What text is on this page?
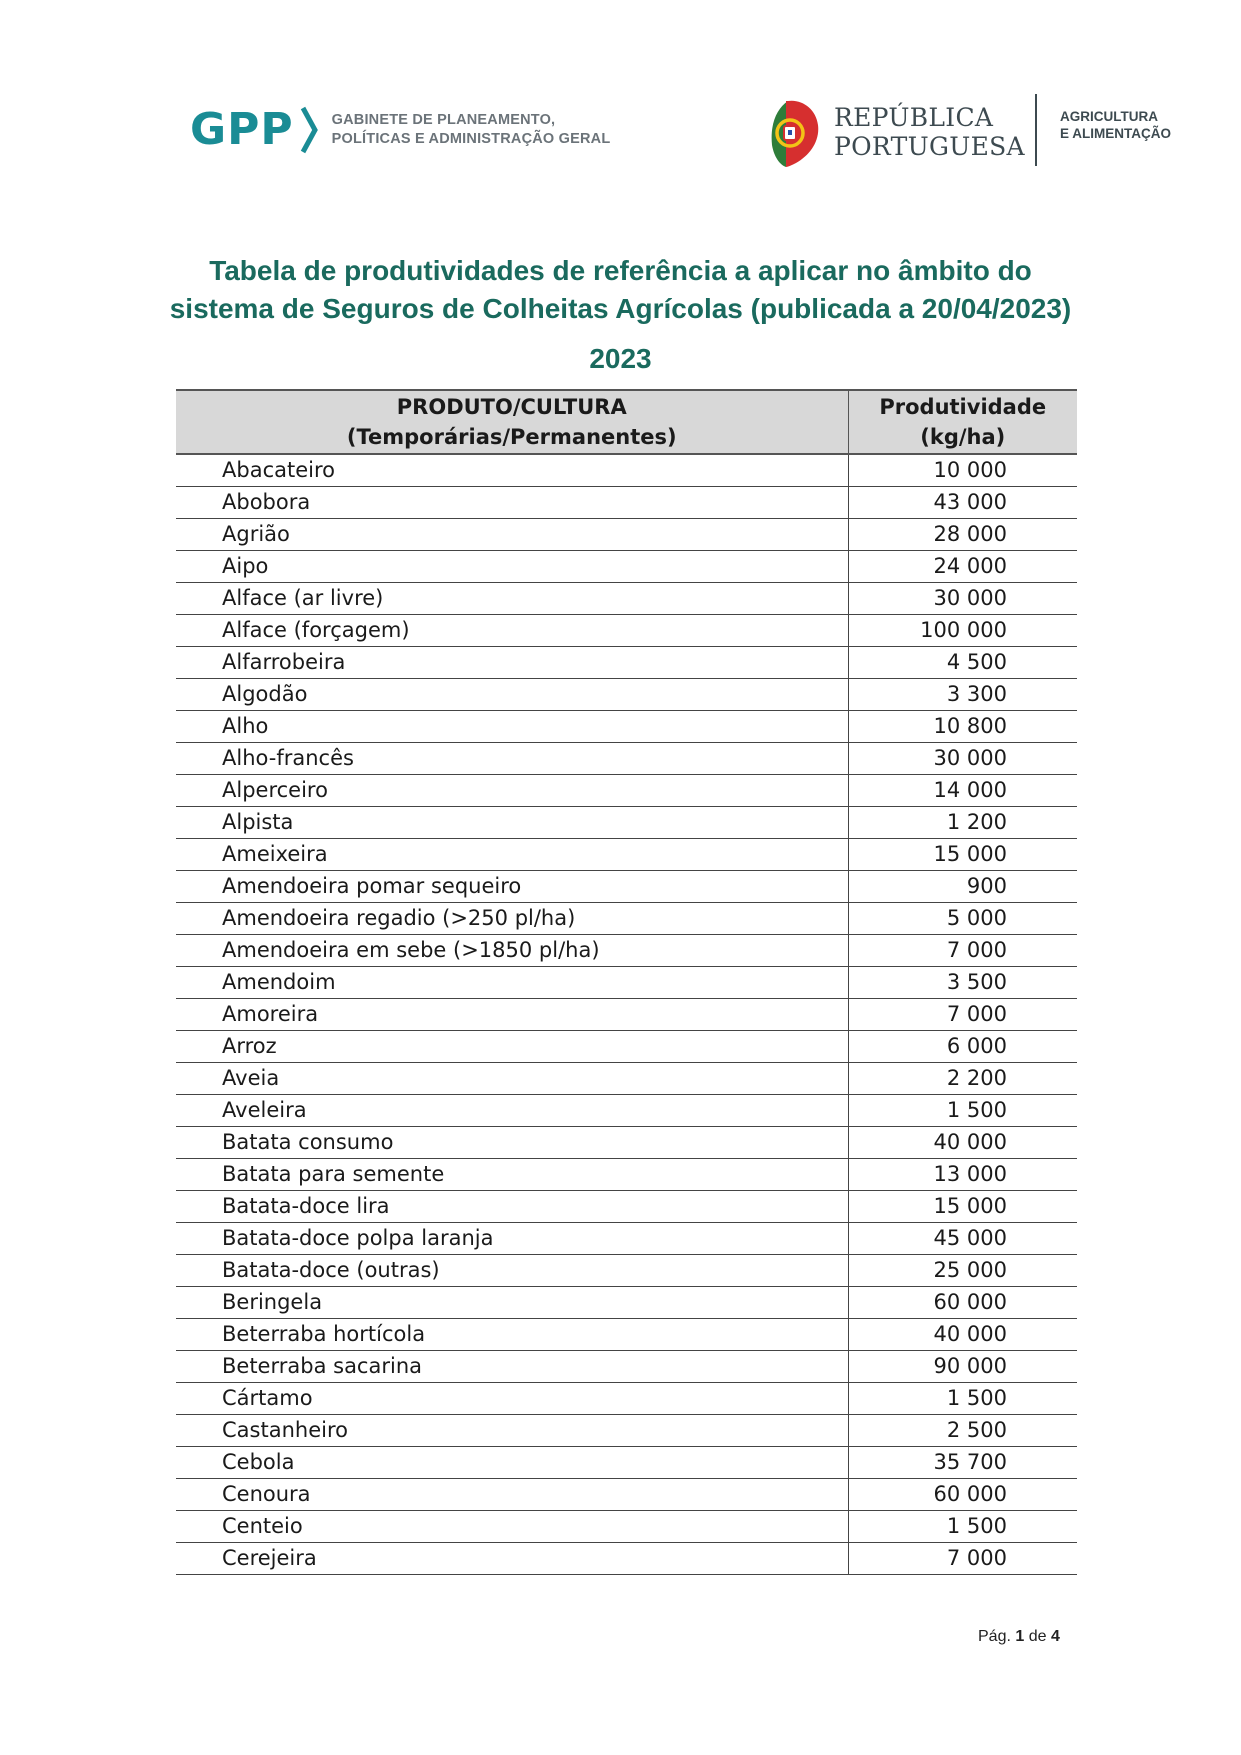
GPP	GABINETE DE PLANEAMENTO,
POLÍTICAS E ADMINISTRAÇÃO GERAL
REPÚBLICA
PORTUGUESA
AGRICULTURA
E ALIMENTAÇÃO
Tabela de produtividades de referência a aplicar no âmbito do
sistema de Seguros de Colheitas Agrícolas (publicada a 20/04/2023)
2023
PRODUTO/CULTURA
(Temporárias/Permanentes)	Produtividade
(kg/ha)

Abacateiro	10 000
Abobora	43 000
Agrião	28 000
Aipo	24 000
Alface (ar livre)	30 000
Alface (forçagem)	100 000
Alfarrobeira	4 500
Algodão	3 300
Alho	10 800
Alho-francês	30 000
Alperceiro	14 000
Alpista	1 200
Ameixeira	15 000
Amendoeira pomar sequeiro	900
Amendoeira regadio (>250 pl/ha)	5 000
Amendoeira em sebe (>1850 pl/ha)	7 000
Amendoim	3 500
Amoreira	7 000
Arroz	6 000
Aveia	2 200
Aveleira	1 500
Batata consumo	40 000
Batata para semente	13 000
Batata-doce lira	15 000
Batata-doce polpa laranja	45 000
Batata-doce (outras)	25 000
Beringela	60 000
Beterraba hortícola	40 000
Beterraba sacarina	90 000
Cártamo	1 500
Castanheiro	2 500
Cebola	35 700
Cenoura	60 000
Centeio	1 500
Cerejeira	7 000
Pág. 1 de 4
